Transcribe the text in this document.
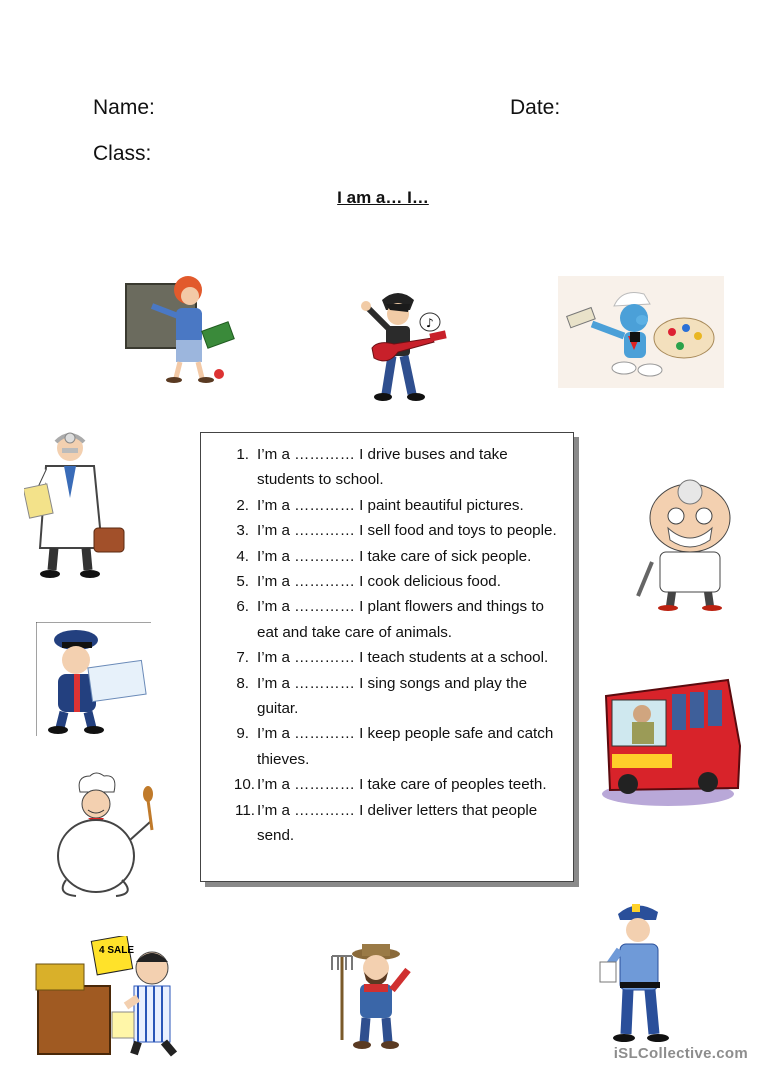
Name:	Date:
Class:
I am a… I…
♪
4 SALE
1. I’m a ………… I drive buses and take students to school.
2. I’m a ………… I paint beautiful pictures.
3. I’m a ………… I sell food and toys to people.
4. I’m a ………… I take care of sick people.
5. I’m a ………… I cook delicious food.
6. I’m a ………… I plant flowers and things to eat and take care of animals.
7. I’m a ………… I teach students at a school.
8. I’m a ………… I sing songs and play the guitar.
9. I’m a ………… I keep people safe and catch thieves.
10. I’m a ………… I take care of peoples teeth.
11. I’m a ………… I deliver letters that people send.
iSLCollective.com
